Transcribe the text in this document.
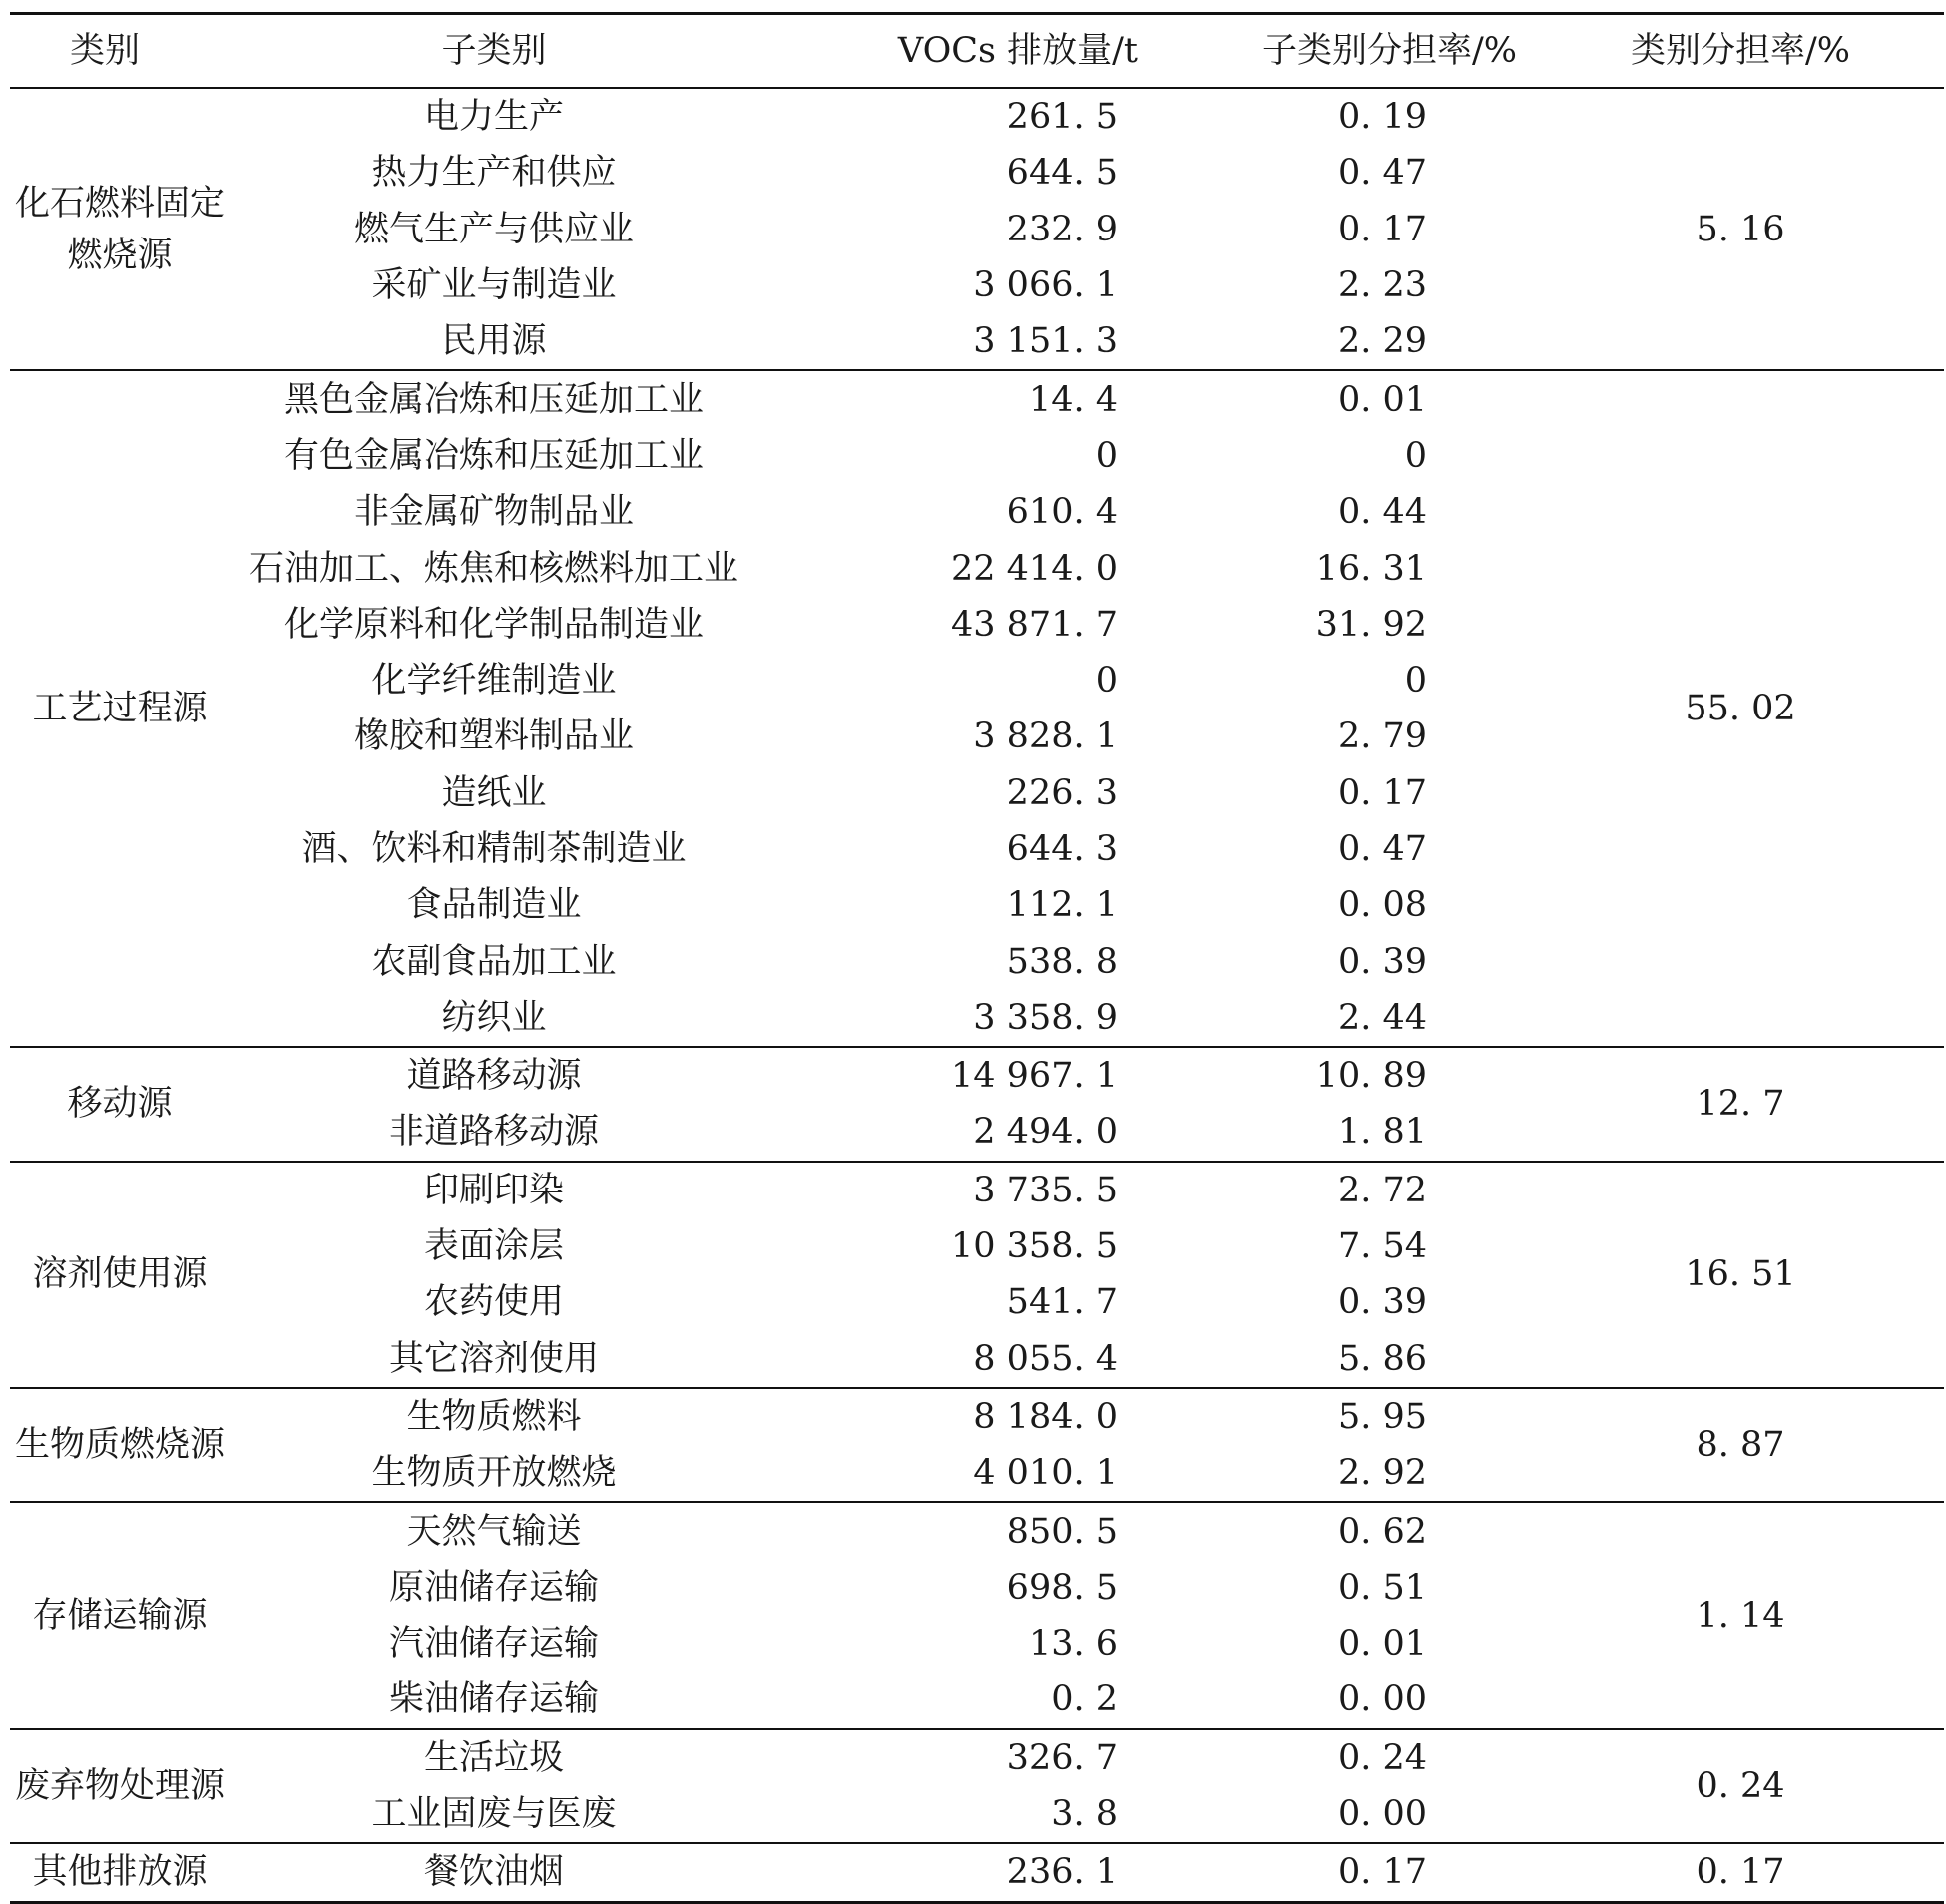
类别	子类别	VOCs 排放量/t	子类别分担率/%	类别分担率/%
化石燃料固定燃烧源	电力生产	261. 5	0. 19	5. 16
	热力生产和供应	644. 5	0. 47	
	燃气生产与供应业	232. 9	0. 17	
	采矿业与制造业	3 066. 1	2. 23	
	民用源	3 151. 3	2. 29	
工艺过程源	黑色金属冶炼和压延加工业	14. 4	0. 01	55. 02
	有色金属冶炼和压延加工业	0	0	
	非金属矿物制品业	610. 4	0. 44	
	石油加工、炼焦和核燃料加工业	22 414. 0	16. 31	
	化学原料和化学制品制造业	43 871. 7	31. 92	
	化学纤维制造业	0	0	
	橡胶和塑料制品业	3 828. 1	2. 79	
	造纸业	226. 3	0. 17	
	酒、饮料和精制茶制造业	644. 3	0. 47	
	食品制造业	112. 1	0. 08	
	农副食品加工业	538. 8	0. 39	
	纺织业	3 358. 9	2. 44	
移动源	道路移动源	14 967. 1	10. 89	12. 7
	非道路移动源	2 494. 0	1. 81	
溶剂使用源	印刷印染	3 735. 5	2. 72	16. 51
	表面涂层	10 358. 5	7. 54	
	农药使用	541. 7	0. 39	
	其它溶剂使用	8 055. 4	5. 86	
生物质燃烧源	生物质燃料	8 184. 0	5. 95	8. 87
	生物质开放燃烧	4 010. 1	2. 92	
存储运输源	天然气输送	850. 5	0. 62	1. 14
	原油储存运输	698. 5	0. 51	
	汽油储存运输	13. 6	0. 01	
	柴油储存运输	0. 2	0. 00	
废弃物处理源	生活垃圾	326. 7	0. 24	0. 24
	工业固废与医废	3. 8	0. 00	
其他排放源	餐饮油烟	236. 1	0. 17	0. 17
